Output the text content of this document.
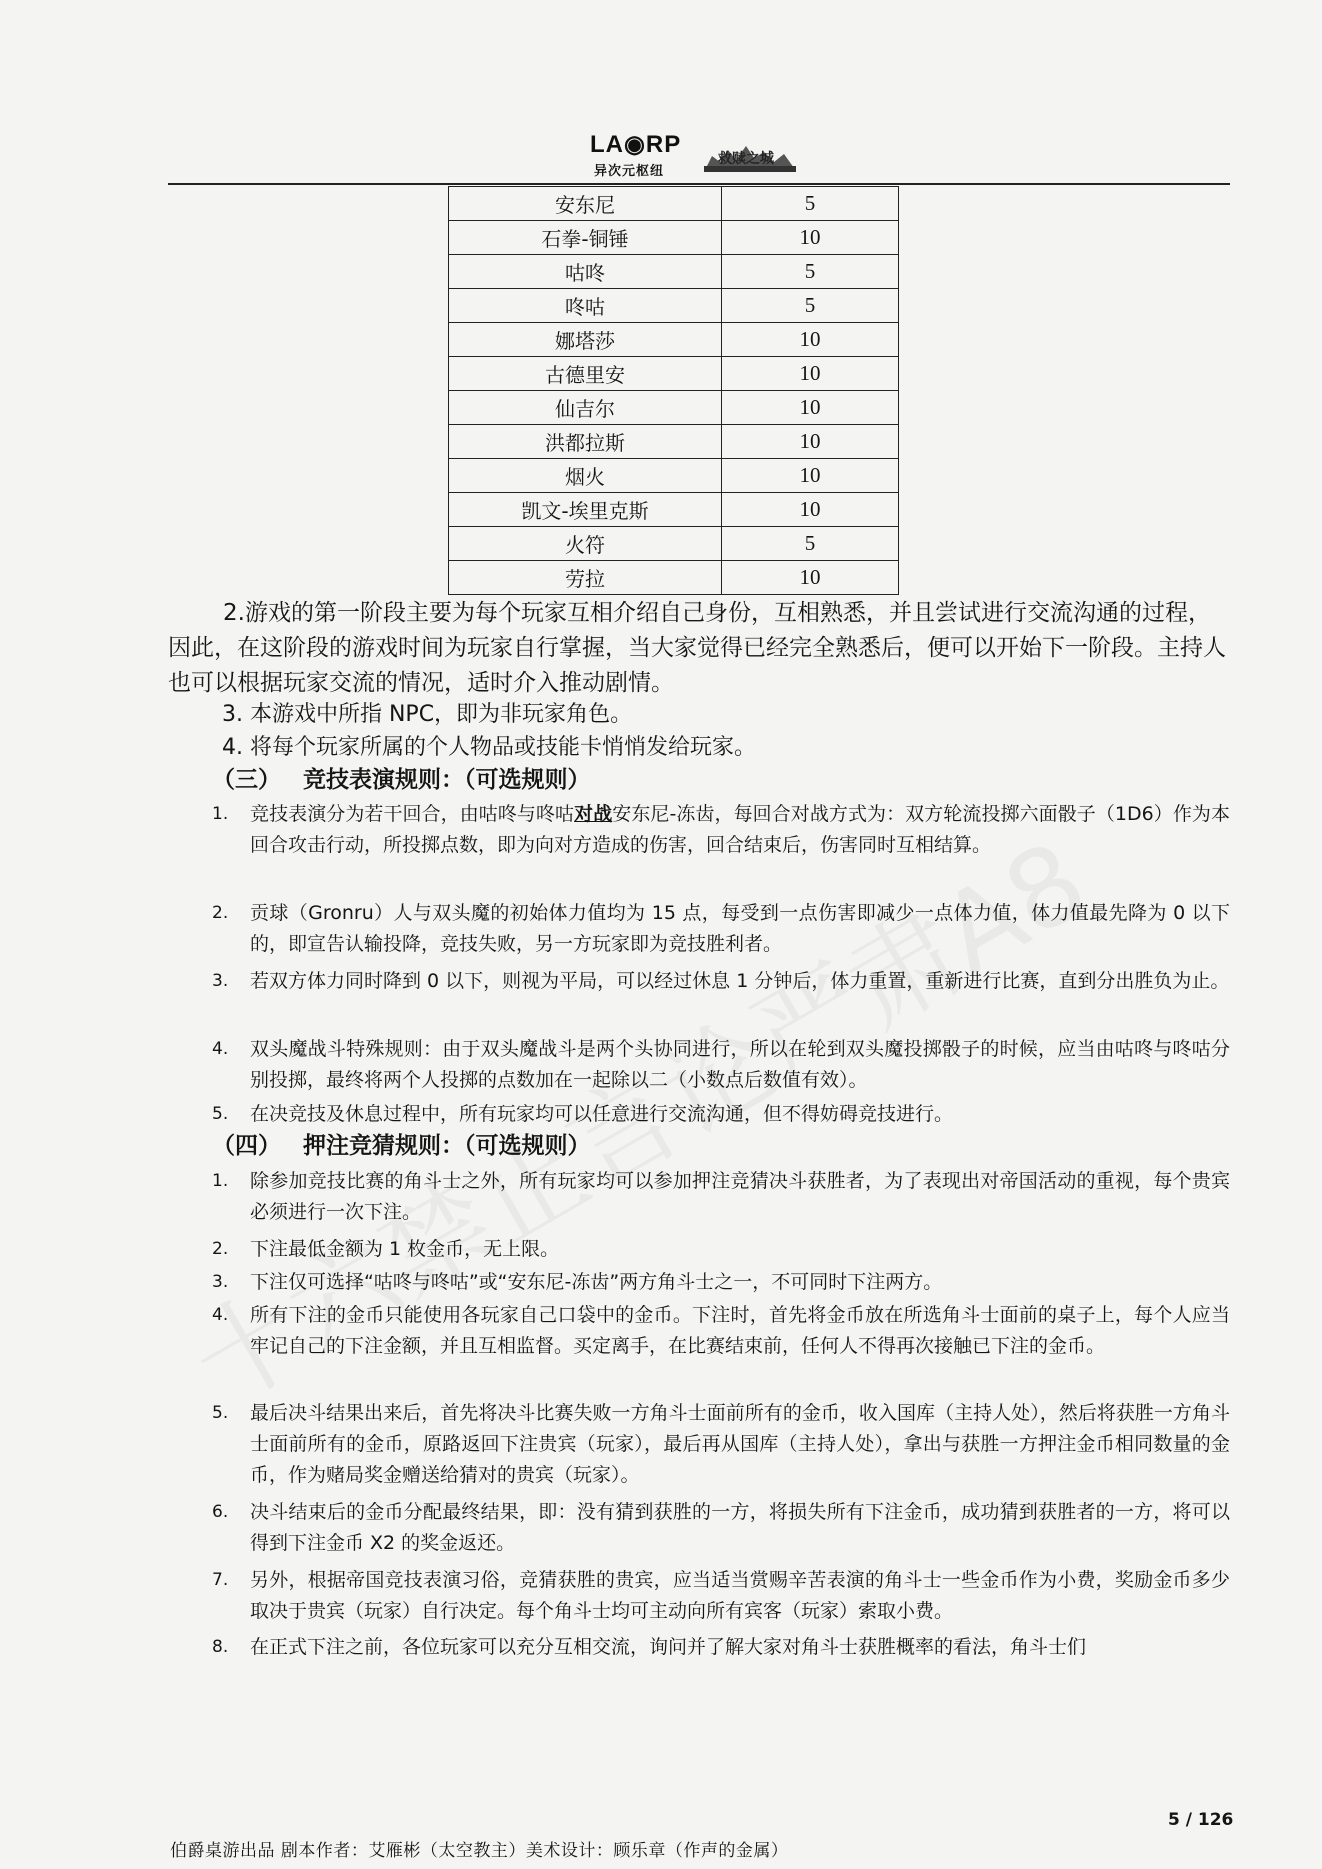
LA◉RP
异次元枢纽
救赎之城
安东尼	5
石拳-铜锤	10
咕咚	5
咚咕	5
娜塔莎	10
古德里安	10
仙吉尔	10
洪都拉斯	10
烟火	10
凯文-埃里克斯	10
火符	5
劳拉	10
2.游戏的第一阶段主要为每个玩家互相介绍自己身份，互相熟悉，并且尝试进行交流沟通的过程，因此，在这阶段的游戏时间为玩家自行掌握，当大家觉得已经完全熟悉后，便可以开始下一阶段。主持人也可以根据玩家交流的情况，适时介入推动剧情。
3. 本游戏中所指 NPC，即为非玩家角色。
4. 将每个玩家所属的个人物品或技能卡悄悄发给玩家。
（三） 竞技表演规则：（可选规则）
1. 竞技表演分为若干回合，由咕咚与咚咕对战安东尼-冻齿，每回合对战方式为：双方轮流投掷六面骰子（1D6）作为本回合攻击行动，所投掷点数，即为向对方造成的伤害，回合结束后，伤害同时互相结算。
2. 贡球（Gronru）人与双头魔的初始体力值均为 15 点，每受到一点伤害即减少一点体力值，体力值最先降为 0 以下的，即宣告认输投降，竞技失败，另一方玩家即为竞技胜利者。
3. 若双方体力同时降到 0 以下，则视为平局，可以经过休息 1 分钟后，体力重置，重新进行比赛，直到分出胜负为止。
4. 双头魔战斗特殊规则：由于双头魔战斗是两个头协同进行，所以在轮到双头魔投掷骰子的时候，应当由咕咚与咚咕分别投掷，最终将两个人投掷的点数加在一起除以二（小数点后数值有效）。
5. 在决竞技及休息过程中，所有玩家均可以任意进行交流沟通，但不得妨碍竞技进行。
（四） 押注竞猜规则：（可选规则）
1. 除参加竞技比赛的角斗士之外，所有玩家均可以参加押注竞猜决斗获胜者，为了表现出对帝国活动的重视，每个贵宾必须进行一次下注。
2. 下注最低金额为 1 枚金币，无上限。
3. 下注仅可选择“咕咚与咚咕”或“安东尼-冻齿”两方角斗士之一，不可同时下注两方。
4. 所有下注的金币只能使用各玩家自己口袋中的金币。下注时，首先将金币放在所选角斗士面前的桌子上，每个人应当牢记自己的下注金额，并且互相监督。买定离手，在比赛结束前，任何人不得再次接触已下注的金币。
5. 最后决斗结果出来后，首先将决斗比赛失败一方角斗士面前所有的金币，收入国库（主持人处），然后将获胜一方角斗士面前所有的金币，原路返回下注贵宾（玩家），最后再从国库（主持人处），拿出与获胜一方押注金币相同数量的金币，作为赌局奖金赠送给猜对的贵宾（玩家）。
6. 决斗结束后的金币分配最终结果，即：没有猜到获胜的一方，将损失所有下注金币，成功猜到获胜者的一方，将可以得到下注金币 X2 的奖金返还。
7. 另外，根据帝国竞技表演习俗，竞猜获胜的贵宾，应当适当赏赐辛苦表演的角斗士一些金币作为小费，奖励金币多少取决于贵宾（玩家）自行决定。每个角斗士均可主动向所有宾客（玩家）索取小费。
8. 在正式下注之前，各位玩家可以充分互相交流，询问并了解大家对角斗士获胜概率的看法，角斗士们
5 / 126
伯爵桌游出品 剧本作者：艾雁彬（太空教主）美术设计：顾乐章（作声的金属）
